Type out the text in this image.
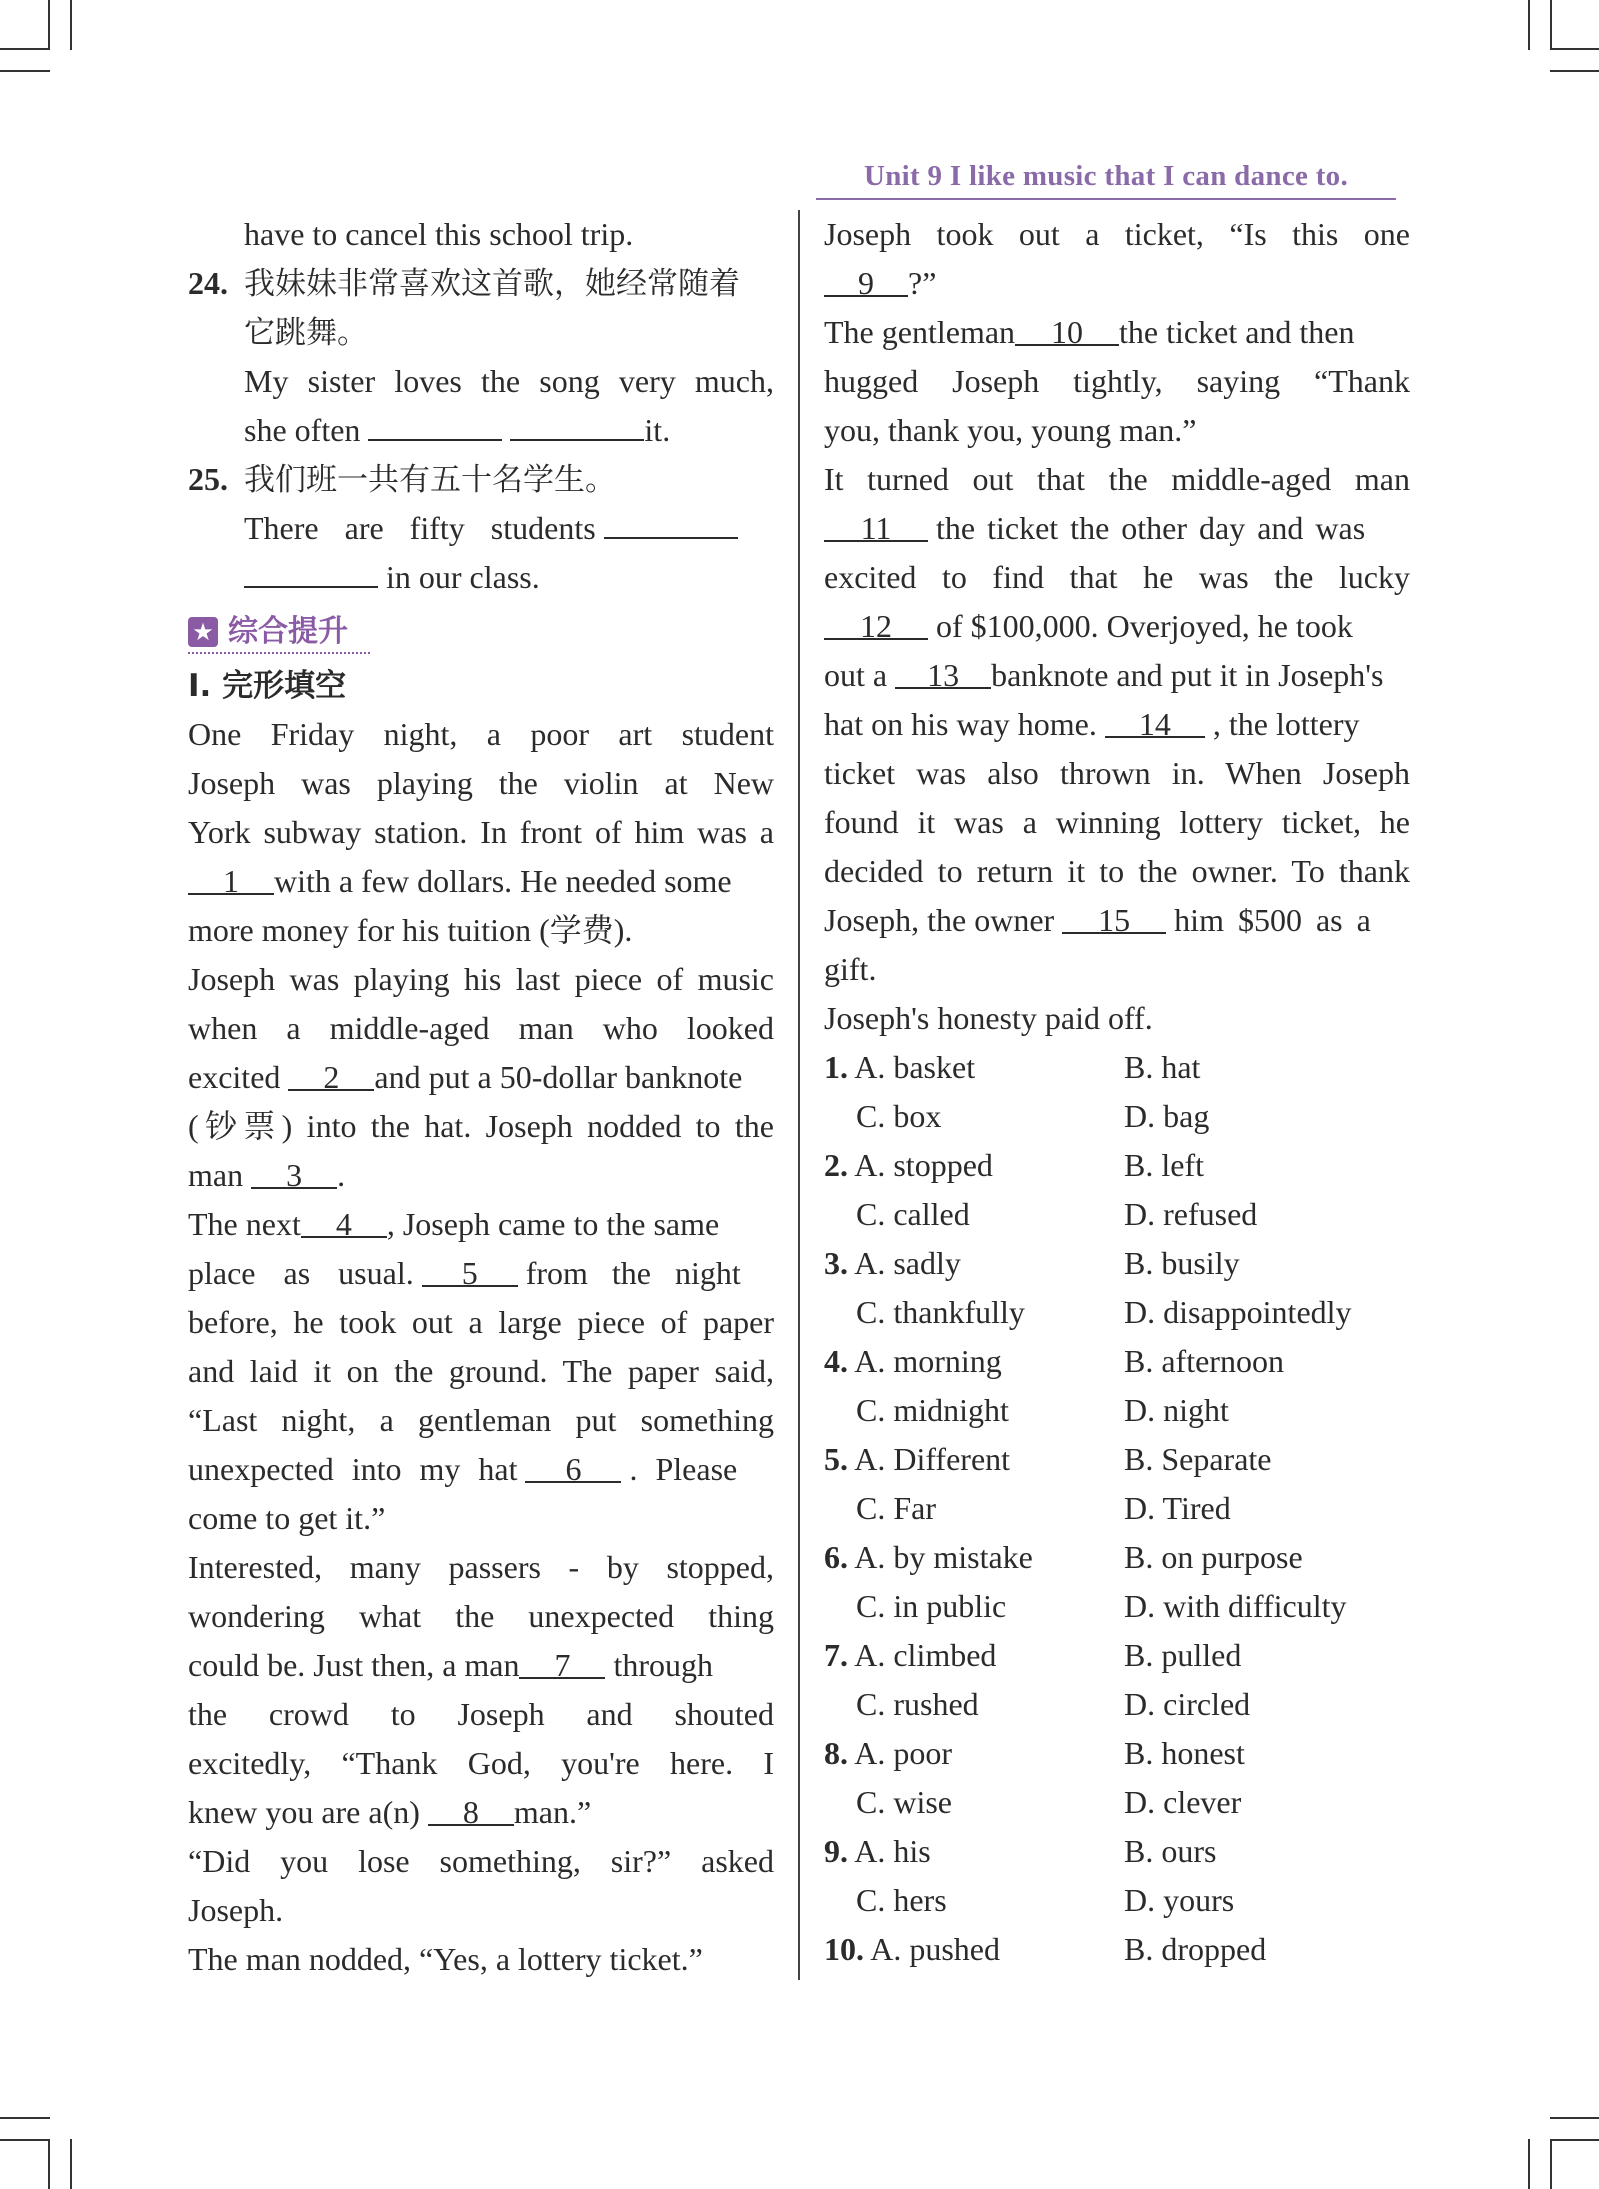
Unit 9 I like music that I can dance to.
have to cancel this school trip.
24. 我妹妹非常喜欢这首歌，她经常随着
它跳舞。
My sister loves the song very much,
she often	it.
25. 我们班一共有五十名学生。
There are fifty students
in our class.
★ 综合提升
Ⅰ. 完形填空
One Friday night, a poor art student
Joseph was playing the violin at New
York subway station. In front of him was a
1 with a few dollars. He needed some
more money for his tuition (学费).
Joseph was playing his last piece of music
when a middle-aged man who looked
excited 2 and put a 50-dollar banknote
(钞票) into the hat. Joseph nodded to the
man 3 .
The next 4 , Joseph came to the same
place as usual. 5 from the night
before, he took out a large piece of paper
and laid it on the ground. The paper said,
“Last night, a gentleman put something
unexpected into my hat 6 . Please
come to get it.”
Interested, many passers - by stopped,
wondering what the unexpected thing
could be. Just then, a man 7 through
the crowd to Joseph and shouted
excitedly, “Thank God, you're here. I
knew you are a(n) 8 man.”
“Did you lose something, sir?” asked
Joseph.
The man nodded, “Yes, a lottery ticket.”
Joseph took out a ticket, “Is this one
9 ?”
The gentleman 10 the ticket and then
hugged Joseph tightly, saying “Thank
you, thank you, young man.”
It turned out that the middle-aged man
11 the ticket the other day and was
excited to find that he was the lucky
12 of $100,000. Overjoyed, he took
out a 13 banknote and put it in Joseph's
hat on his way home. 14 , the lottery
ticket was also thrown in. When Joseph
found it was a winning lottery ticket, he
decided to return it to the owner. To thank
Joseph, the owner 15 him $500 as a
gift.
Joseph's honesty paid off.
1. A. basket	B. hat
C. box	D. bag
2. A. stopped	B. left
C. called	D. refused
3. A. sadly	B. busily
C. thankfully	D. disappointedly
4. A. morning	B. afternoon
C. midnight	D. night
5. A. Different	B. Separate
C. Far	D. Tired
6. A. by mistake	B. on purpose
C. in public	D. with difficulty
7. A. climbed	B. pulled
C. rushed	D. circled
8. A. poor	B. honest
C. wise	D. clever
9. A. his	B. ours
C. hers	D. yours
10. A. pushed	B. dropped
